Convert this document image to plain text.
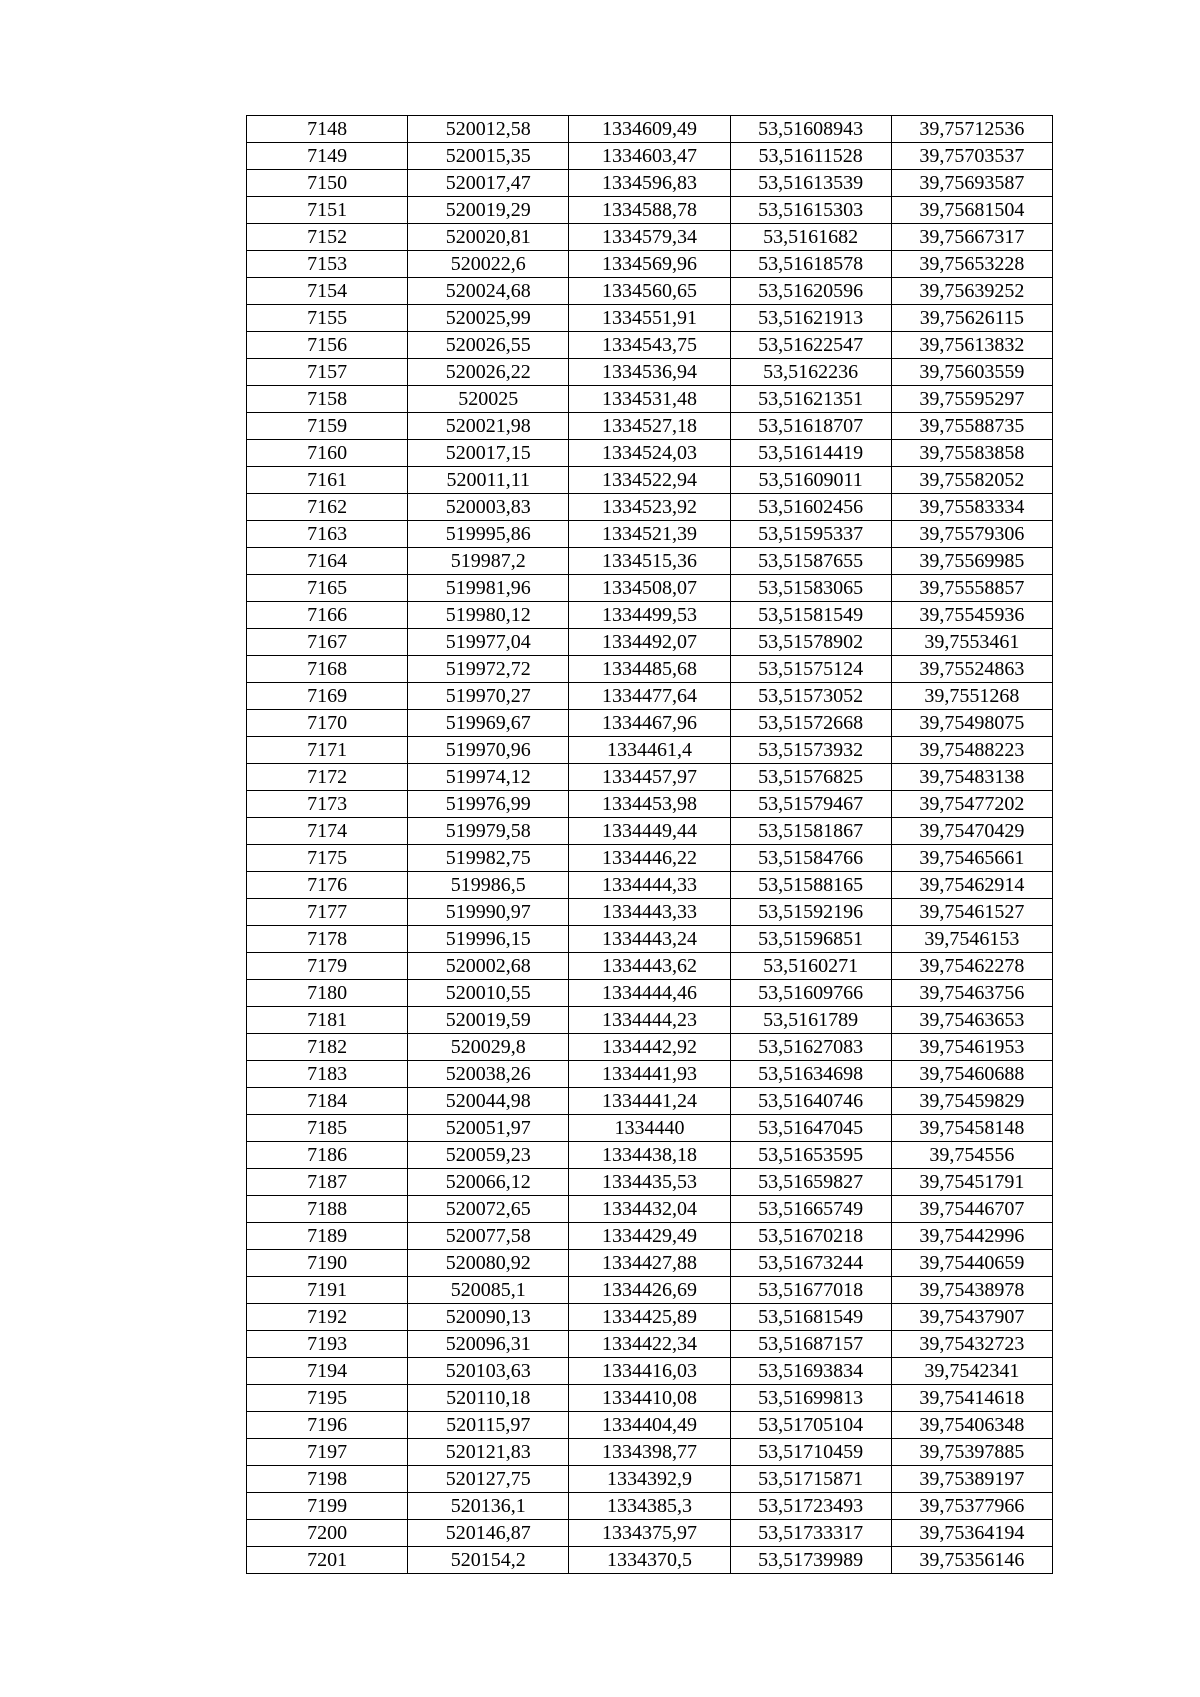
7148	520012,58	1334609,49	53,51608943	39,75712536
7149	520015,35	1334603,47	53,51611528	39,75703537
7150	520017,47	1334596,83	53,51613539	39,75693587
7151	520019,29	1334588,78	53,51615303	39,75681504
7152	520020,81	1334579,34	53,5161682	39,75667317
7153	520022,6	1334569,96	53,51618578	39,75653228
7154	520024,68	1334560,65	53,51620596	39,75639252
7155	520025,99	1334551,91	53,51621913	39,75626115
7156	520026,55	1334543,75	53,51622547	39,75613832
7157	520026,22	1334536,94	53,5162236	39,75603559
7158	520025	1334531,48	53,51621351	39,75595297
7159	520021,98	1334527,18	53,51618707	39,75588735
7160	520017,15	1334524,03	53,51614419	39,75583858
7161	520011,11	1334522,94	53,51609011	39,75582052
7162	520003,83	1334523,92	53,51602456	39,75583334
7163	519995,86	1334521,39	53,51595337	39,75579306
7164	519987,2	1334515,36	53,51587655	39,75569985
7165	519981,96	1334508,07	53,51583065	39,75558857
7166	519980,12	1334499,53	53,51581549	39,75545936
7167	519977,04	1334492,07	53,51578902	39,7553461
7168	519972,72	1334485,68	53,51575124	39,75524863
7169	519970,27	1334477,64	53,51573052	39,7551268
7170	519969,67	1334467,96	53,51572668	39,75498075
7171	519970,96	1334461,4	53,51573932	39,75488223
7172	519974,12	1334457,97	53,51576825	39,75483138
7173	519976,99	1334453,98	53,51579467	39,75477202
7174	519979,58	1334449,44	53,51581867	39,75470429
7175	519982,75	1334446,22	53,51584766	39,75465661
7176	519986,5	1334444,33	53,51588165	39,75462914
7177	519990,97	1334443,33	53,51592196	39,75461527
7178	519996,15	1334443,24	53,51596851	39,7546153
7179	520002,68	1334443,62	53,5160271	39,75462278
7180	520010,55	1334444,46	53,51609766	39,75463756
7181	520019,59	1334444,23	53,5161789	39,75463653
7182	520029,8	1334442,92	53,51627083	39,75461953
7183	520038,26	1334441,93	53,51634698	39,75460688
7184	520044,98	1334441,24	53,51640746	39,75459829
7185	520051,97	1334440	53,51647045	39,75458148
7186	520059,23	1334438,18	53,51653595	39,754556
7187	520066,12	1334435,53	53,51659827	39,75451791
7188	520072,65	1334432,04	53,51665749	39,75446707
7189	520077,58	1334429,49	53,51670218	39,75442996
7190	520080,92	1334427,88	53,51673244	39,75440659
7191	520085,1	1334426,69	53,51677018	39,75438978
7192	520090,13	1334425,89	53,51681549	39,75437907
7193	520096,31	1334422,34	53,51687157	39,75432723
7194	520103,63	1334416,03	53,51693834	39,7542341
7195	520110,18	1334410,08	53,51699813	39,75414618
7196	520115,97	1334404,49	53,51705104	39,75406348
7197	520121,83	1334398,77	53,51710459	39,75397885
7198	520127,75	1334392,9	53,51715871	39,75389197
7199	520136,1	1334385,3	53,51723493	39,75377966
7200	520146,87	1334375,97	53,51733317	39,75364194
7201	520154,2	1334370,5	53,51739989	39,75356146
